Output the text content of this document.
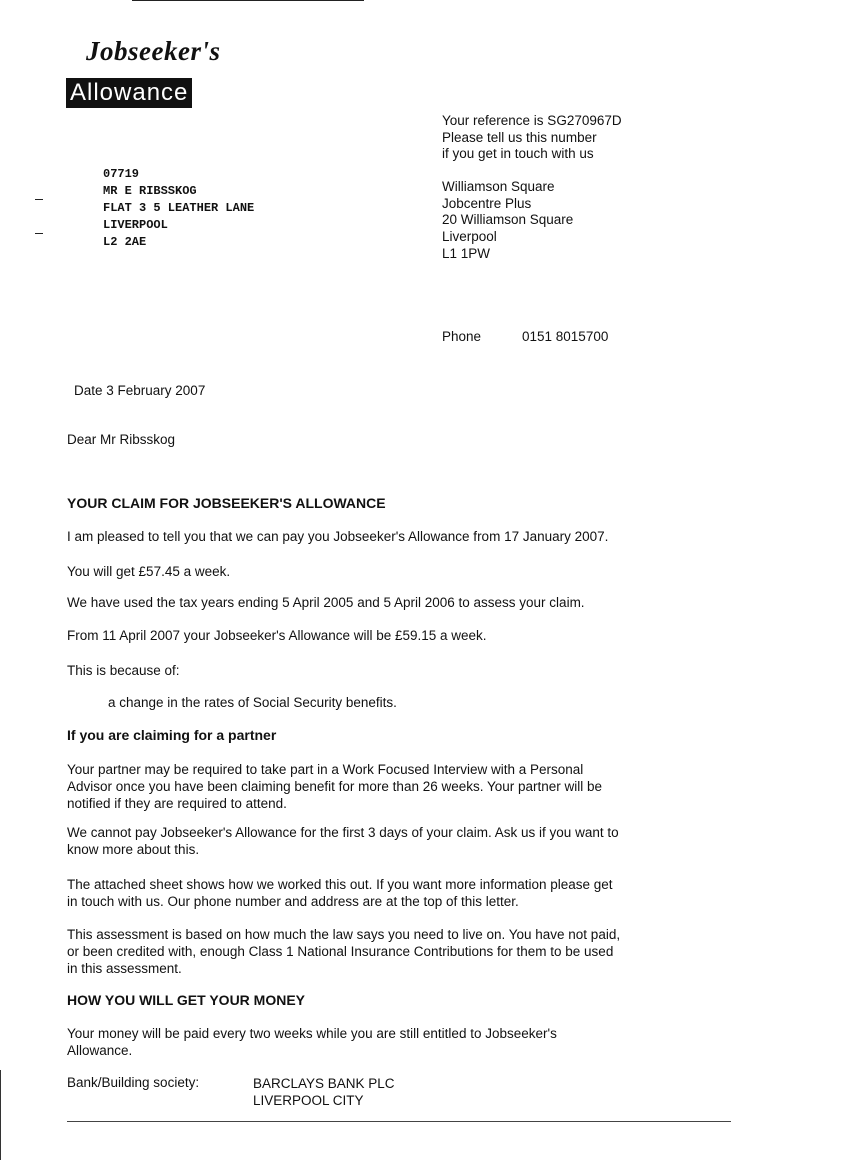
Jobseeker's
Allowance
Your reference is SG270967D
Please tell us this number
if you get in touch with us
07719
MR E RIBSSKOG
FLAT 3 5 LEATHER LANE
LIVERPOOL
L2 2AE
Williamson Square
Jobcentre Plus
20 Williamson Square
Liverpool
L1 1PW
Phone	0151 8015700
Date 3 February 2007
Dear Mr Ribsskog
YOUR CLAIM FOR JOBSEEKER'S ALLOWANCE

I am pleased to tell you that we can pay you Jobseeker's Allowance from 17 January 2007.

You will get £57.45 a week.

We have used the tax years ending 5 April 2005 and 5 April 2006 to assess your claim.

From 11 April 2007 your Jobseeker's Allowance will be £59.15 a week.

This is because of:

a change in the rates of Social Security benefits.

If you are claiming for a partner
Your partner may be required to take part in a Work Focused Interview with a Personal
Advisor once you have been claiming benefit for more than 26 weeks. Your partner will be
notified if they are required to attend.
We cannot pay Jobseeker's Allowance for the first 3 days of your claim. Ask us if you want to
know more about this.
The attached sheet shows how we worked this out. If you want more information please get
in touch with us. Our phone number and address are at the top of this letter.
This assessment is based on how much the law says you need to live on. You have not paid,
or been credited with, enough Class 1 National Insurance Contributions for them to be used
in this assessment.
HOW YOU WILL GET YOUR MONEY
Your money will be paid every two weeks while you are still entitled to Jobseeker's
Allowance.
Bank/Building society:	BARCLAYS BANK PLC
LIVERPOOL CITY
